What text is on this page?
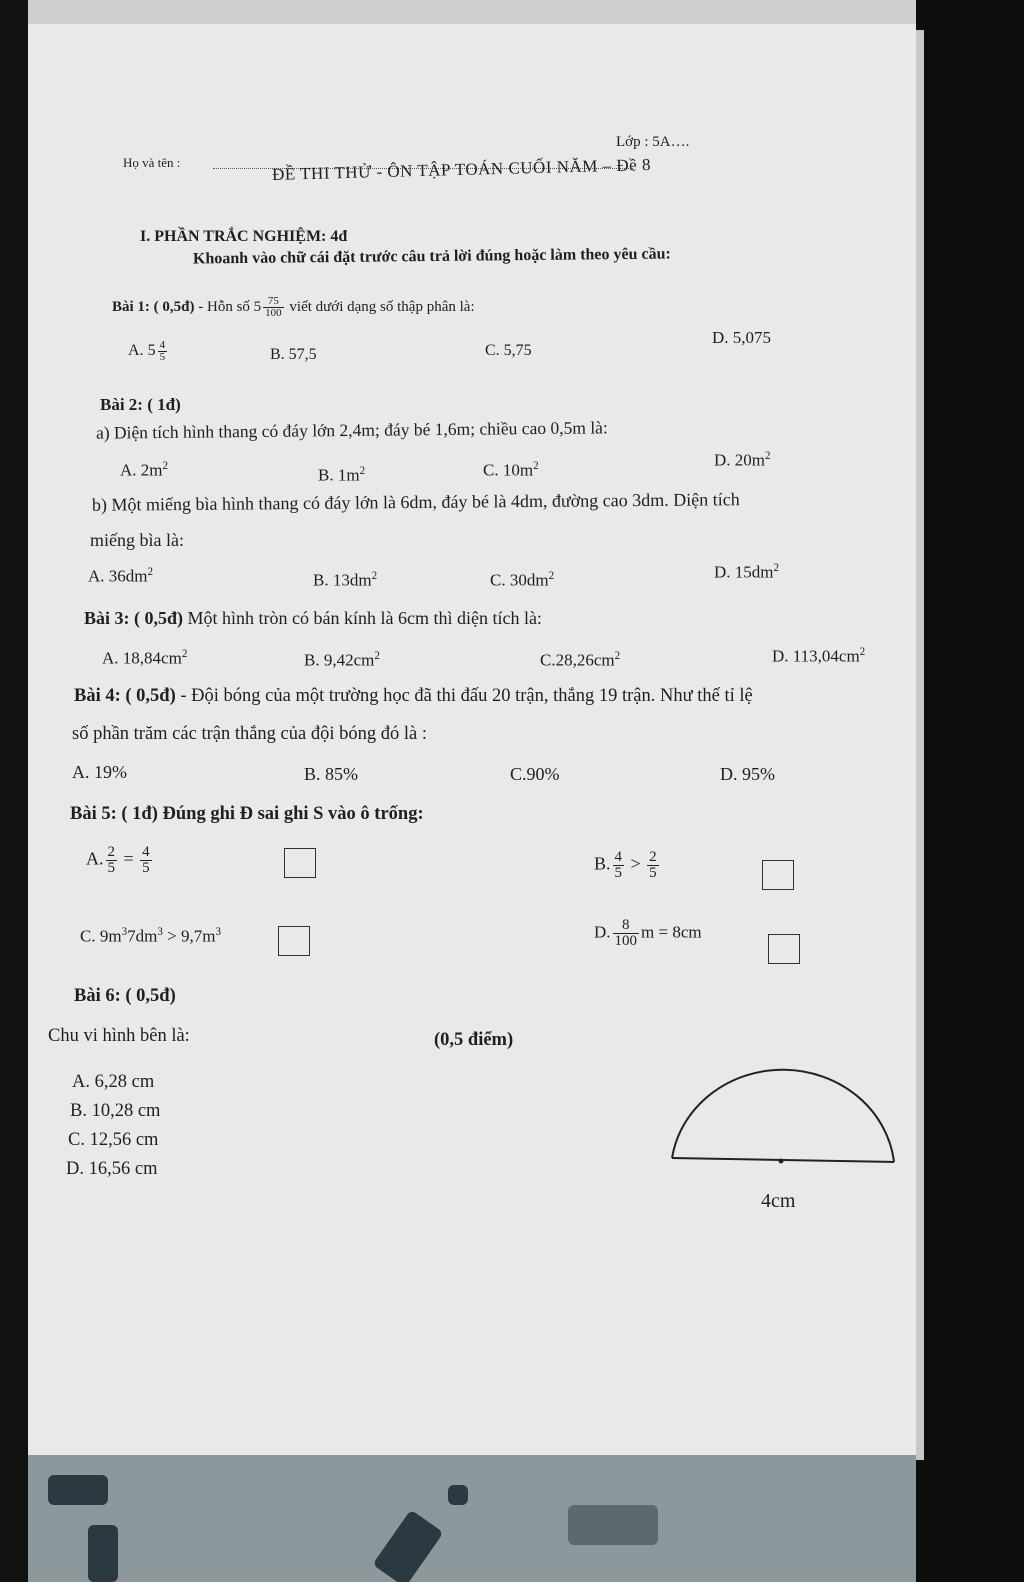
Họ và tên :
Lớp : 5A….
ĐỀ THI THỬ - ÔN TẬP TOÁN CUỐI NĂM – Đề 8
I. PHẦN TRẮC NGHIỆM: 4đ
Khoanh vào chữ cái đặt trước câu trả lời đúng hoặc làm theo yêu cầu:
Bài 1: ( 0,5đ) - Hỗn số $5 \frac{75}{100}$ viết dưới dạng số thập phân là:
A. $5 \frac{4}{5}$	B. 57,5	C. 5,75
D. 5,075
Bài 2: ( 1đ)
a) Diện tích hình thang có đáy lớn 2,4m; đáy bé 1,6m; chiều cao 0,5m là:
A. $2m^2$	B. $1m^2$	C. $10m^2$	D. $20m^2$
b) Một miếng bìa hình thang có đáy lớn là 6dm, đáy bé là 4dm, đường cao 3dm. Diện tích
miếng bìa là:
A. $36dm^2$	B. $13dm^2$	C. $30dm^2$	D. $15dm^2$
Bài 3: ( 0,5đ) Một hình tròn có bán kính là 6cm thì diện tích là:
A. $18,84cm^2$	B. $9,42cm^2$	$C.28,26cm^2$	D. $113,04cm^2$
Bài 4: ( 0,5đ) - Đội bóng của một trường học đã thi đấu 20 trận, thắng 19 trận. Như thế tỉ lệ
số phần trăm các trận thắng của đội bóng đó là :
A. 19%	B. 85%	C.90%	D. 95%
Bài 5: ( 1đ) Đúng ghi Đ sai ghi S vào ô trống:
A. $\frac{2}{5} = \frac{4}{5}$	B. $\frac{4}{5} > \frac{2}{5}$
C. $9m^37dm^3 > 9,7m^3$	D. $\frac{8}{100}$ m = 8cm
Bài 6: ( 0,5đ)
Chu vi hình bên là:	(0,5 điểm)
A. 6,28 cm
B. 10,28 cm
C. 12,56 cm
D. 16,56 cm
4cm
